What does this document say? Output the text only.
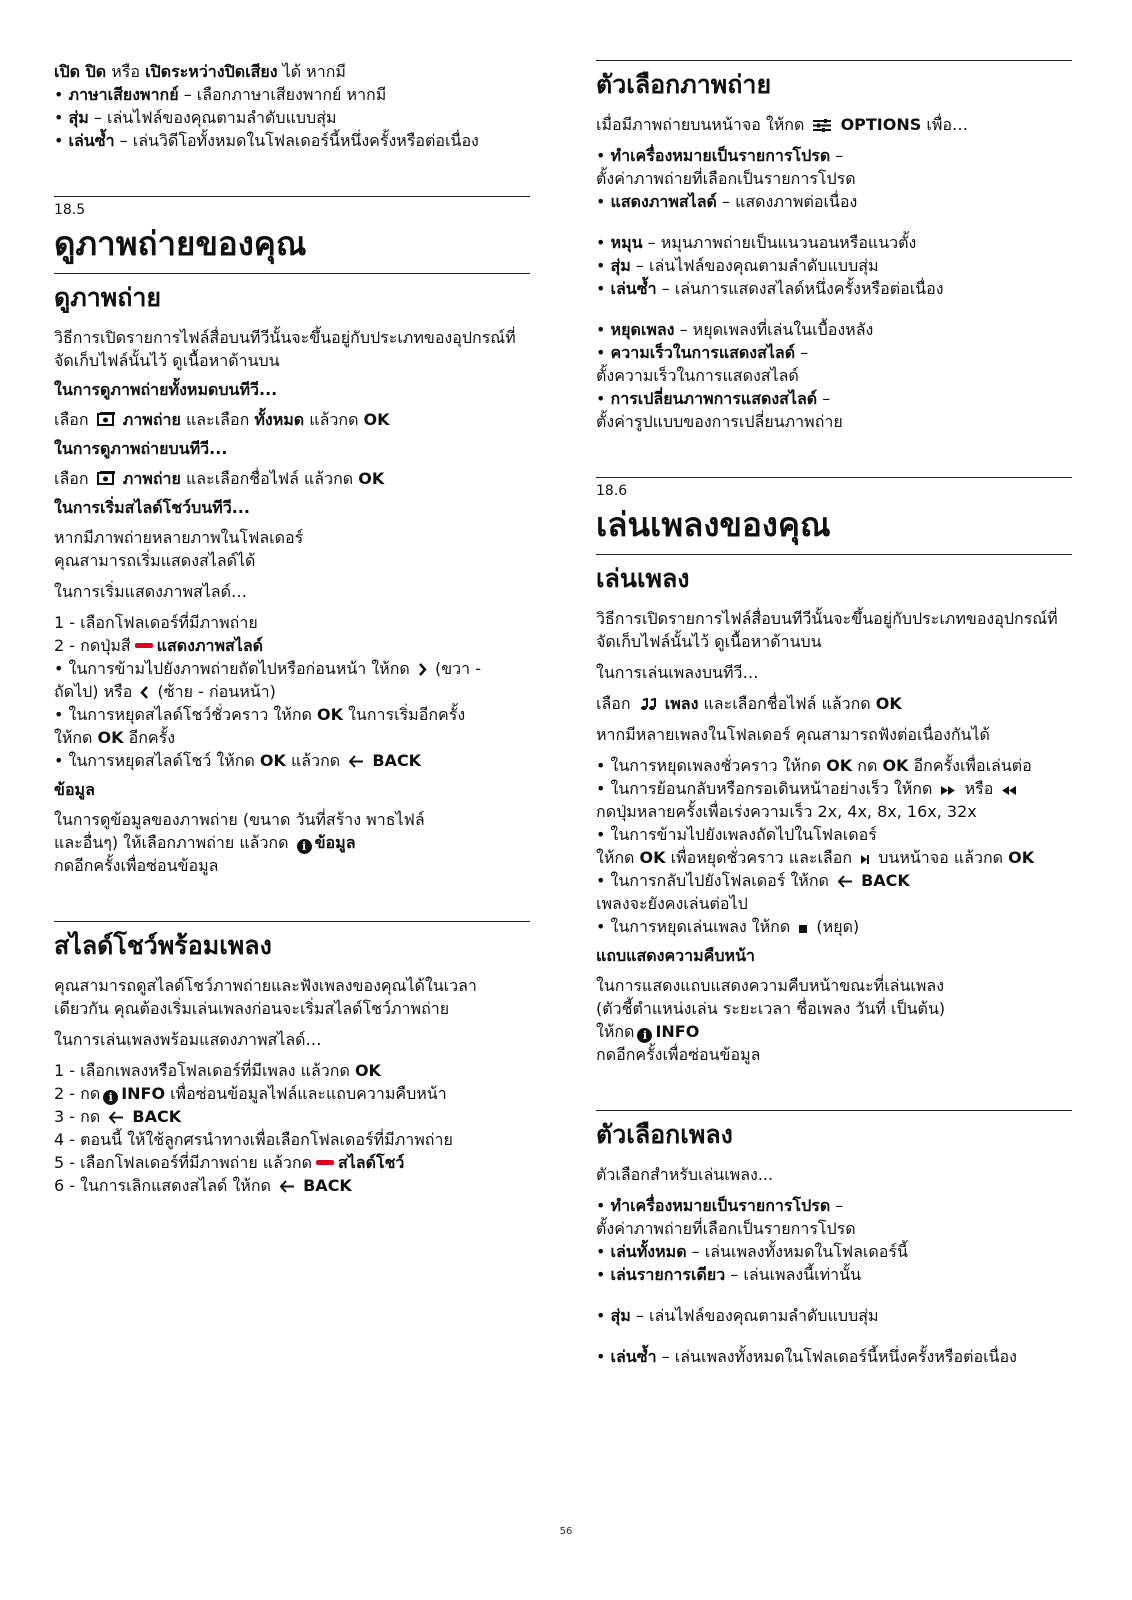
เปิด ปิด หรือ เปิดระหว่างปิดเสียง ได้ หากมี

• ภาษาเสียงพากย์ – เลือกภาษาเสียงพากย์ หากมี

• สุ่ม – เล่นไฟล์ของคุณตามลำดับแบบสุ่ม

• เล่นซ้ำ – เล่นวิดีโอทั้งหมดในโฟลเดอร์นี้หนึ่งครั้งหรือต่อเนื่อง

18.5
ดูภาพถ่ายของคุณ
ดูภาพถ่าย

วิธีการเปิดรายการไฟล์สื่อบนทีวีนั้นจะขึ้นอยู่กับประเภทของอุปกรณ์ที่จัดเก็บไฟล์นั้นไว้ ดูเนื้อหาด้านบน

ในการดูภาพถ่ายทั้งหมดบนทีวี...

เลือก ภาพถ่าย และเลือก ทั้งหมด แล้วกด OK

ในการดูภาพถ่ายบนทีวี...

เลือก ภาพถ่าย และเลือกชื่อไฟล์ แล้วกด OK

ในการเริ่มสไลด์โชว์บนทีวี...

หากมีภาพถ่ายหลายภาพในโฟลเดอร์

คุณสามารถเริ่มแสดงสไลด์ได้

ในการเริ่มแสดงภาพสไลด์…

1 - เลือกโฟลเดอร์ที่มีภาพถ่าย

2 - กดปุ่มสี แสดงภาพสไลด์

• ในการข้ามไปยังภาพถ่ายถัดไปหรือก่อนหน้า ให้กด (ขวา -

ถัดไป) หรือ (ซ้าย - ก่อนหน้า)

• ในการหยุดสไลด์โชว์ชั่วคราว ให้กด OK ในการเริ่มอีกครั้ง

ให้กด OK อีกครั้ง

• ในการหยุดสไลด์โชว์ ให้กด OK แล้วกด BACK

ข้อมูล

ในการดูข้อมูลของภาพถ่าย (ขนาด วันที่สร้าง พาธไฟล์

และอื่นๆ) ให้เลือกภาพถ่าย แล้วกด i ข้อมูล

กดอีกครั้งเพื่อซ่อนข้อมูล

สไลด์โชว์พร้อมเพลง

คุณสามารถดูสไลด์โชว์ภาพถ่ายและฟังเพลงของคุณได้ในเวลา

เดียวกัน คุณต้องเริ่มเล่นเพลงก่อนจะเริ่มสไลด์โชว์ภาพถ่าย

ในการเล่นเพลงพร้อมแสดงภาพสไลด์…

1 - เลือกเพลงหรือโฟลเดอร์ที่มีเพลง แล้วกด OK

2 - กด i INFO เพื่อซ่อนข้อมูลไฟล์และแถบความคืบหน้า

3 - กด BACK

4 - ตอนนี้ ให้ใช้ลูกศรนำทางเพื่อเลือกโฟลเดอร์ที่มีภาพถ่าย

5 - เลือกโฟลเดอร์ที่มีภาพถ่าย แล้วกด สไลด์โชว์

6 - ในการเลิกแสดงสไลด์ ให้กด BACK

ตัวเลือกภาพถ่าย

เมื่อมีภาพถ่ายบนหน้าจอ ให้กด OPTIONS เพื่อ…

• ทำเครื่องหมายเป็นรายการโปรด –

ตั้งค่าภาพถ่ายที่เลือกเป็นรายการโปรด

• แสดงภาพสไลด์ – แสดงภาพต่อเนื่อง

• หมุน – หมุนภาพถ่ายเป็นแนวนอนหรือแนวตั้ง

• สุ่ม – เล่นไฟล์ของคุณตามลำดับแบบสุ่ม

• เล่นซ้ำ – เล่นการแสดงสไลด์หนึ่งครั้งหรือต่อเนื่อง

• หยุดเพลง – หยุดเพลงที่เล่นในเบื้องหลัง

• ความเร็วในการแสดงสไลด์ –

ตั้งความเร็วในการแสดงสไลด์

• การเปลี่ยนภาพการแสดงสไลด์ –

ตั้งค่ารูปแบบของการเปลี่ยนภาพถ่าย

18.6
เล่นเพลงของคุณ
เล่นเพลง

วิธีการเปิดรายการไฟล์สื่อบนทีวีนั้นจะขึ้นอยู่กับประเภทของอุปกรณ์ที่จัดเก็บไฟล์นั้นไว้ ดูเนื้อหาด้านบน

ในการเล่นเพลงบนทีวี…

เลือก เพลง และเลือกชื่อไฟล์ แล้วกด OK

หากมีหลายเพลงในโฟลเดอร์ คุณสามารถฟังต่อเนื่องกันได้

• ในการหยุดเพลงชั่วคราว ให้กด OK กด OK อีกครั้งเพื่อเล่นต่อ

• ในการย้อนกลับหรือกรอเดินหน้าอย่างเร็ว ให้กด หรือ

กดปุ่มหลายครั้งเพื่อเร่งความเร็ว 2x, 4x, 8x, 16x, 32x

• ในการข้ามไปยังเพลงถัดไปในโฟลเดอร์

ให้กด OK เพื่อหยุดชั่วคราว และเลือก บนหน้าจอ แล้วกด OK

• ในการกลับไปยังโฟลเดอร์ ให้กด BACK

เพลงจะยังคงเล่นต่อไป

• ในการหยุดเล่นเพลง ให้กด (หยุด)

แถบแสดงความคืบหน้า

ในการแสดงแถบแสดงความคืบหน้าขณะที่เล่นเพลง

(ตัวชี้ตำแหน่งเล่น ระยะเวลา ชื่อเพลง วันที่ เป็นต้น)

ให้กด i INFO

กดอีกครั้งเพื่อซ่อนข้อมูล

ตัวเลือกเพลง

ตัวเลือกสำหรับเล่นเพลง...

• ทำเครื่องหมายเป็นรายการโปรด –

ตั้งค่าภาพถ่ายที่เลือกเป็นรายการโปรด

• เล่นทั้งหมด – เล่นเพลงทั้งหมดในโฟลเดอร์นี้

• เล่นรายการเดียว – เล่นเพลงนี้เท่านั้น

• สุ่ม – เล่นไฟล์ของคุณตามลำดับแบบสุ่ม

• เล่นซ้ำ – เล่นเพลงทั้งหมดในโฟลเดอร์นี้หนึ่งครั้งหรือต่อเนื่อง

56
